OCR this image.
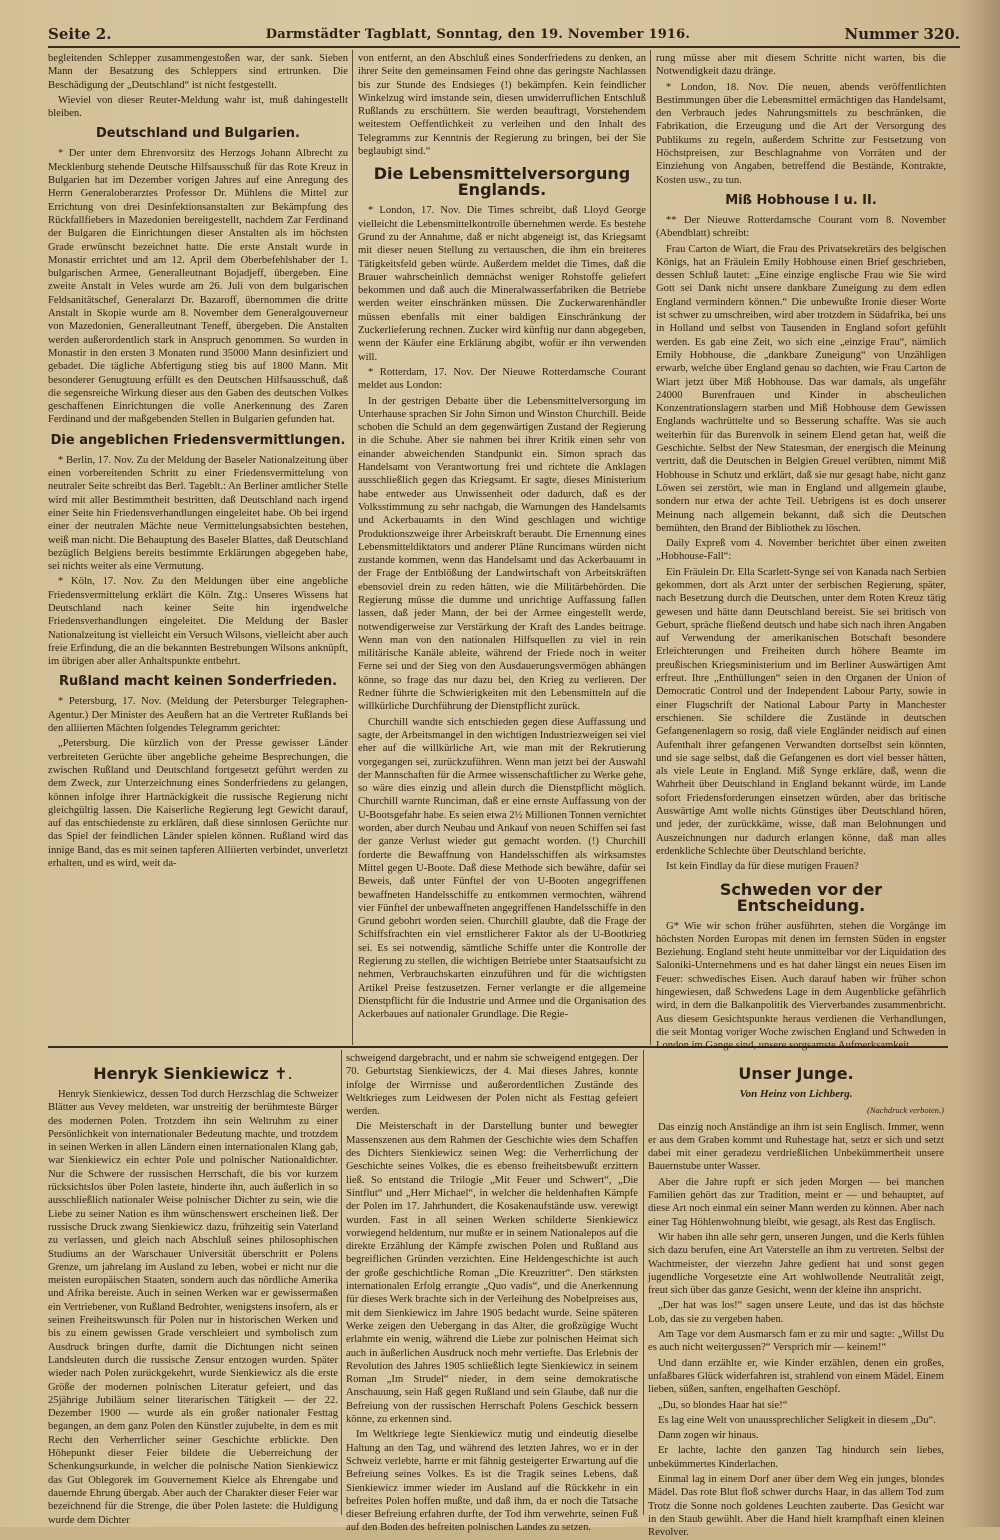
Seite 2.	Darmstädter Tagblatt, Sonntag, den 19. November 1916.	Nummer 320.

begleitenden Schlepper zusammengestoßen war, der sank. Sieben Mann der Besatzung des Schleppers sind ertrunken. Die Beschädigung der „Deutschland“ ist nicht festgestellt.

Wieviel von dieser Reuter-Meldung wahr ist, muß dahingestellt bleiben.

Deutschland und Bulgarien.

* Der unter dem Ehrenvorsitz des Herzogs Johann Albrecht zu Mecklenburg stehende Deutsche Hilfsausschuß für das Rote Kreuz in Bulgarien hat im Dezember vorigen Jahres auf eine Anregung des Herrn Generaloberarztes Professor Dr. Mühlens die Mittel zur Errichtung von drei Desinfektionsanstalten zur Bekämpfung des Rückfallfiebers in Mazedonien bereitgestellt, nachdem Zar Ferdinand der Bulgaren die Einrichtungen dieser Anstalten als im höchsten Grade erwünscht bezeichnet hatte. Die erste Anstalt wurde in Monastir errichtet und am 12. April dem Oberbefehlshaber der 1. bulgarischen Armee, Generalleutnant Bojadjeff, übergeben. Eine zweite Anstalt in Veles wurde am 26. Juli von dem bulgarischen Feldsanitätschef, Generalarzt Dr. Bazaroff, übernommen die dritte Anstalt in Skopie wurde am 8. November dem Generalgouverneur von Mazedonien, Generalleutnant Teneff, übergeben. Die Anstalten werden außerordentlich stark in Anspruch genommen. So wurden in Monastir in den ersten 3 Monaten rund 35000 Mann desinfiziert und gebadet. Die tägliche Abfertigung stieg bis auf 1800 Mann. Mit besonderer Genugtuung erfüllt es den Deutschen Hilfsausschuß, daß die segensreiche Wirkung dieser aus den Gaben des deutschen Volkes geschaffenen Einrichtungen die volle Anerkennung des Zaren Ferdinand und der maßgebenden Stellen in Bulgarien gefunden hat.

Die angeblichen Friedensvermittlungen.

* Berlin, 17. Nov. Zu der Meldung der Baseler Nationalzeitung über einen vorbereitenden Schritt zu einer Friedensvermittelung von neutraler Seite schreibt das Berl. Tageblt.: An Berliner amtlicher Stelle wird mit aller Bestimmtheit bestritten, daß Deutschland nach irgend einer Seite hin Friedensverhandlungen eingeleitet habe. Ob bei irgend einer der neutralen Mächte neue Vermittelungsabsichten bestehen, weiß man nicht. Die Behauptung des Baseler Blattes, daß Deutschland bezüglich Belgiens bereits bestimmte Erklärungen abgegeben habe, sei nichts weiter als eine Vermutung.

* Köln, 17. Nov. Zu den Meldungen über eine angebliche Friedensvermittelung erklärt die Köln. Ztg.: Unseres Wissens hat Deutschland nach keiner Seite hin irgendwelche Friedensverhandlungen eingeleitet. Die Meldung der Basler Nationalzeitung ist vielleicht ein Versuch Wilsons, vielleicht aber auch freie Erfindung, die an die bekannten Bestrebungen Wilsons anknüpft, im übrigen aber aller Anhaltspunkte entbehrt.

Rußland macht keinen Sonderfrieden.

* Petersburg, 17. Nov. (Meldung der Petersburger Telegraphen-Agentur.) Der Minister des Aeußern hat an die Vertreter Rußlands bei den alliierten Mächten folgendes Telegramm gerichtet:

„Petersburg. Die kürzlich von der Presse gewisser Länder verbreiteten Gerüchte über angebliche geheime Besprechungen, die zwischen Rußland und Deutschland fortgesetzt geführt werden zu dem Zweck, zur Unterzeichnung eines Sonderfriedens zu gelangen, können infolge ihrer Hartnäckigkeit die russische Regierung nicht gleichgültig lassen. Die Kaiserliche Regierung legt Gewicht darauf, auf das entschiedenste zu erklären, daß diese sinnlosen Gerüchte nur das Spiel der feindlichen Länder spielen können. Rußland wird das innige Band, das es mit seinen tapferen Alliierten verbindet, unverletzt erhalten, und es wird, weit da-

von entfernt, an den Abschluß eines Sonderfriedens zu denken, an ihrer Seite den gemeinsamen Feind ohne das geringste Nachlassen bis zur Stunde des Endsieges (!) bekämpfen. Kein feindlicher Winkelzug wird imstande sein, diesen unwiderruflichen Entschluß Rußlands zu erschüttern. Sie werden beauftragt, Vorstehendem weitestem Oeffentlichkeit zu verleihen und den Inhalt des Telegramms zur Kenntnis der Regierung zu bringen, bei der Sie beglaubigt sind.“

Die Lebensmittelversorgung Englands.

* London, 17. Nov. Die Times schreibt, daß Lloyd George vielleicht die Lebensmittelkontrolle übernehmen werde. Es bestehe Grund zu der Annahme, daß er nicht abgeneigt ist, das Kriegsamt mit dieser neuen Stellung zu vertauschen, die ihm ein breiteres Tätigkeitsfeld geben würde. Außerdem meldet die Times, daß die Brauer wahrscheinlich demnächst weniger Rohstoffe geliefert bekommen und daß auch die Mineralwasserfabriken die Betriebe werden weiter einschränken müssen. Die Zuckerwarenhändler müssen ebenfalls mit einer baldigen Einschränkung der Zuckerlieferung rechnen. Zucker wird künftig nur dann abgegeben, wenn der Käufer eine Erklärung abgibt, wofür er ihn verwenden will.

* Rotterdam, 17. Nov. Der Nieuwe Rotterdamsche Courant meldet aus London:

In der gestrigen Debatte über die Lebensmittelversorgung im Unterhause sprachen Sir John Simon und Winston Churchill. Beide schoben die Schuld an dem gegenwärtigen Zustand der Regierung in die Schuhe. Aber sie nahmen bei ihrer Kritik einen sehr von einander abweichenden Standpunkt ein. Simon sprach das Handelsamt von Verantwortung frei und richtete die Anklagen ausschließlich gegen das Kriegsamt. Er sagte, dieses Ministerium habe entweder aus Unwissenheit oder dadurch, daß es der Volksstimmung zu sehr nachgab, die Warnungen des Handelsamts und Ackerbauamts in den Wind geschlagen und wichtige Produktionszweige ihrer Arbeitskraft beraubt. Die Ernennung eines Lebensmitteldiktators und anderer Pläne Runcimans würden nicht zustande kommen, wenn das Handelsamt und das Ackerbauamt in der Frage der Entblößung der Landwirtschaft von Arbeitskräften ebensoviel drein zu reden hätten, wie die Militärbehörden. Die Regierung müsse die dumme und unrichtige Auffassung fallen lassen, daß jeder Mann, der bei der Armee eingestellt werde, notwendigerweise zur Verstärkung der Kraft des Landes beitrage. Wenn man von den nationalen Hilfsquellen zu viel in rein militärische Kanäle ableite, während der Friede noch in weiter Ferne sei und der Sieg von den Ausdauerungsvermögen abhängen könne, so frage das nur dazu bei, den Krieg zu verlieren. Der Redner führte die Schwierigkeiten mit den Lebensmitteln auf die willkürliche Durchführung der Dienstpflicht zurück.

Churchill wandte sich entschieden gegen diese Auffassung und sagte, der Arbeitsmangel in den wichtigen Industriezweigen sei viel eher auf die willkürliche Art, wie man mit der Rekrutierung vorgegangen sei, zurückzuführen. Wenn man jetzt bei der Auswahl der Mannschaften für die Armee wissenschaftlicher zu Werke gehe, so wäre dies einzig und allein durch die Dienstpflicht möglich. Churchill warnte Runciman, daß er eine ernste Auffassung von der U-Bootsgefahr habe. Es seien etwa 2½ Millionen Tonnen vernichtet worden, aber durch Neubau und Ankauf von neuen Schiffen sei fast der ganze Verlust wieder gut gemacht worden. (!) Churchill forderte die Bewaffnung von Handelsschiffen als wirksamstes Mittel gegen U-Boote. Daß diese Methode sich bewähre, dafür sei Beweis, daß unter Fünftel der von U-Booten angegriffenen bewaffneten Handelsschiffe zu entkommen vermochten, während vier Fünftel der unbewaffneten angegriffenen Handelsschiffe in den Grund gebohrt worden seien. Churchill glaubte, daß die Frage der Schiffsfrachten ein viel ernstlicherer Faktor als der U-Bootkrieg sei. Es sei notwendig, sämtliche Schiffe unter die Kontrolle der Regierung zu stellen, die wichtigen Betriebe unter Staatsaufsicht zu nehmen, Verbrauchskarten einzuführen und für die wichtigsten Artikel Preise festzusetzen. Ferner verlangte er die allgemeine Dienstpflicht für die Industrie und Armee und die Organisation des Ackerbaues auf nationaler Grundlage. Die Regie-

rung müsse aber mit diesem Schritte nicht warten, bis die Notwendigkeit dazu dränge.

* London, 18. Nov. Die neuen, abends veröffentlichten Bestimmungen über die Lebensmittel ermächtigen das Handelsamt, den Verbrauch jedes Nahrungsmittels zu beschränken, die Fabrikation, die Erzeugung und die Art der Versorgung des Publikums zu regeln, außerdem Schritte zur Festsetzung von Höchstpreisen, zur Beschlagnahme von Vorräten und der Einziehung von Angaben, betreffend die Bestände, Kontrakte, Kosten usw., zu tun.

Miß Hobhouse I u. II.

** Der Nieuwe Rotterdamsche Courant vom 8. November (Abendblatt) schreibt:

Frau Carton de Wiart, die Frau des Privatsekretärs des belgischen Königs, hat an Fräulein Emily Hobhouse einen Brief geschrieben, dessen Schluß lautet: „Eine einzige englische Frau wie Sie wird Gott sei Dank nicht unsere dankbare Zuneigung zu dem edlen England vermindern können.“ Die unbewußte Ironie dieser Worte ist schwer zu umschreiben, wird aber trotzdem in Südafrika, bei uns in Holland und selbst von Tausenden in England sofort gefühlt werden. Es gab eine Zeit, wo sich eine „einzige Frau“, nämlich Emily Hobhouse, die „dankbare Zuneigung“ von Unzähligen erwarb, welche über England genau so dachten, wie Frau Carton de Wiart jetzt über Miß Hobhouse. Das war damals, als ungefähr 24000 Burenfrauen und Kinder in abscheulichen Konzentrationslagern starben und Miß Hobhouse dem Gewissen Englands wachrüttelte und so Besserung schaffte. Was sie auch weiterhin für das Burenvolk in seinem Elend getan hat, weiß die Geschichte. Selbst der New Statesman, der energisch die Meinung vertritt, daß die Deutschen in Belgien Greuel verübten, nimmt Miß Hobhouse in Schutz und erklärt, daß sie nur gesagt habe, nicht ganz Löwen sei zerstört, wie man in England und allgemein glaube, sondern nur etwa der achte Teil. Uebrigens ist es doch unserer Meinung nach allgemein bekannt, daß sich die Deutschen bemühten, den Brand der Bibliothek zu löschen.

Daily Expreß vom 4. November berichtet über einen zweiten „Hobhouse-Fall“:

Ein Fräulein Dr. Ella Scarlett-Synge sei von Kanada nach Serbien gekommen, dort als Arzt unter der serbischen Regierung, später, nach Besetzung durch die Deutschen, unter dem Roten Kreuz tätig gewesen und hätte dann Deutschland bereist. Sie sei britisch von Geburt, spräche fließend deutsch und habe sich nach ihren Angaben auf Verwendung der amerikanischen Botschaft besondere Erleichterungen und Freiheiten durch höhere Beamte im preußischen Kriegsministerium und im Berliner Auswärtigen Amt erfreut. Ihre „Enthüllungen“ seien in den Organen der Union of Democratic Control und der Independent Labour Party, sowie in einer Flugschrift der National Labour Party in Manchester erschienen. Sie schildere die Zustände in deutschen Gefangenenlagern so rosig, daß viele Engländer neidisch auf einen Aufenthalt ihrer gefangenen Verwandten dortselbst sein könnten, und sie sage selbst, daß die Gefangenen es dort viel besser hätten, als viele Leute in England. Miß Synge erkläre, daß, wenn die Wahrheit über Deutschland in England bekannt würde, im Lande sofort Friedensforderungen einsetzen würden, aber das britische Auswärtige Amt wolle nichts Günstiges über Deutschland hören, und jeder, der zurückkäme, wisse, daß man Belohnungen und Auszeichnungen nur dadurch erlangen könne, daß man alles erdenkliche Schlechte über Deutschland berichte.

Ist kein Findlay da für diese mutigen Frauen?

Schweden vor der Entscheidung.

G* Wie wir schon früher ausführten, stehen die Vorgänge im höchsten Norden Europas mit denen im fernsten Süden in engster Beziehung. England steht heute unmittelbar vor der Liquidation des Saloniki-Unternehmens und es hat daher längst ein neues Eisen im Feuer: schwedisches Eisen. Auch darauf haben wir früher schon hingewiesen, daß Schwedens Lage in dem Augenblicke gefährlich wird, in dem die Balkanpolitik des Vierverbandes zusammenbricht. Aus diesem Gesichtspunkte heraus verdienen die Verhandlungen, die seit Montag voriger Woche zwischen England und Schweden in London im Gange sind, unsere sorgsamste Aufmerksamkeit.

Henryk Sienkiewicz ✝.

Henryk Sienkiewicz, dessen Tod durch Herzschlag die Schweizer Blätter aus Vevey meldeten, war unstreitig der berühmteste Bürger des modernen Polen. Trotzdem ihn sein Weltruhm zu einer Persönlichkeit von internationaler Bedeutung machte, und trotzdem in seinen Werken in allen Ländern einen internationalen Klang gab, war Sienkiewicz ein echter Pole und polnischer Nationaldichter. Nur die Schwere der russischen Herrschaft, die bis vor kurzem rücksichtslos über Polen lastete, hinderte ihn, auch äußerlich in so ausschließlich nationaler Weise polnischer Dichter zu sein, wie die Liebe zu seiner Nation es ihm wünschenswert erscheinen ließ. Der russische Druck zwang Sienkiewicz dazu, frühzeitig sein Vaterland zu verlassen, und gleich nach Abschluß seines philosophischen Studiums an der Warschauer Universität überschritt er Polens Grenze, um jahrelang im Ausland zu leben, wobei er nicht nur die meisten europäischen Staaten, sondern auch das nördliche Amerika und Afrika bereiste. Auch in seinen Werken war er gewissermaßen ein Vertriebener, von Rußland Bedrohter, wenigstens insofern, als er seinen Freiheitswunsch für Polen nur in historischen Werken und bis zu einem gewissen Grade verschleiert und symbolisch zum Ausdruck bringen durfte, damit die Dichtungen nicht seinen Landsleuten durch die russische Zensur entzogen wurden. Später wieder nach Polen zurückgekehrt, wurde Sienkiewicz als die erste Größe der modernen polnischen Literatur gefeiert, und das 25jährige Jubiläum seiner literarischen Tätigkeit — der 22. Dezember 1900 — wurde als ein großer nationaler Festtag begangen, an dem ganz Polen den Künstler zujubelte, in dem es mit Recht den Verherrlicher seiner Geschichte erblickte. Den Höhepunkt dieser Feier bildete die Ueberreichung der Schenkungsurkunde, in welcher die polnische Nation Sienkiewicz das Gut Oblegorek im Gouvernement Kielce als Ehrengabe und dauernde Ehrung übergab. Aber auch der Charakter dieser Feier war bezeichnend für die Strenge, die über Polen lastete: die Huldigung wurde dem Dichter

schweigend dargebracht, und er nahm sie schweigend entgegen. Der 70. Geburtstag Sienkiewiczs, der 4. Mai dieses Jahres, konnte infolge der Wirrnisse und außerordentlichen Zustände des Weltkrieges zum Leidwesen der Polen nicht als Festtag gefeiert werden.

Die Meisterschaft in der Darstellung bunter und bewegter Massenszenen aus dem Rahmen der Geschichte wies dem Schaffen des Dichters Sienkiewicz seinen Weg: die Verherrlichung der Geschichte seines Volkes, die es ebenso freiheitsbewußt erzittern ließ. So entstand die Trilogie „Mit Feuer und Schwert“, „Die Sintflut“ und „Herr Michael“, in welcher die heldenhaften Kämpfe der Polen im 17. Jahrhundert, die Kosakenaufstände usw. verewigt wurden. Fast in all seinen Werken schilderte Sienkiewicz vorwiegend heldentum, nur mußte er in seinem Nationalepos auf die direkte Erzählung der Kämpfe zwischen Polen und Rußland aus begreiflichen Gründen verzichten. Eine Heldengeschichte ist auch der große geschichtliche Roman „Die Kreuzritter“. Den stärksten internationalen Erfolg errangte „Quo vadis“, und die Anerkennung für dieses Werk brachte sich in der Verleihung des Nobelpreises aus, mit dem Sienkiewicz im Jahre 1905 bedacht wurde. Seine späteren Werke zeigen den Uebergang in das Alter, die großzügige Wucht erlahmte ein wenig, während die Liebe zur polnischen Heimat sich auch in äußerlichen Ausdruck noch mehr vertiefte. Das Erlebnis der Revolution des Jahres 1905 schließlich legte Sienkiewicz in seinem Roman „Im Strudel“ nieder, in dem seine demokratische Anschauung, sein Haß gegen Rußland und sein Glaube, daß nur die Befreiung von der russischen Herrschaft Polens Geschick bessern könne, zu erkennen sind.

Im Weltkriege legte Sienkiewicz mutig und eindeutig dieselbe Haltung an den Tag, und während des letzten Jahres, wo er in der Schweiz verlebte, harrte er mit fähnig gesteigerter Erwartung auf die Befreiung seines Volkes. Es ist die Tragik seines Lebens, daß Sienkiewicz immer wieder im Ausland auf die Rückkehr in ein befreites Polen hoffen mußte, und daß ihm, da er noch die Tatsache dieser Befreiung erfahren durfte, der Tod ihm verwehrte, seinen Fuß auf den Boden des befreiten polnischen Landes zu setzen.

Unser Junge.
Von Heinz von Lichberg.
(Nachdruck verboten.)

Das einzig noch Anständige an ihm ist sein Englisch. Immer, wenn er aus dem Graben kommt und Ruhestage hat, setzt er sich und setzt dabei mit einer geradezu verdrießlichen Unbekümmertheit unsere Bauernstube unter Wasser.

Aber die Jahre rupft er sich jeden Morgen — bei manchen Familien gehört das zur Tradition, meint er — und behauptet, auf diese Art noch einmal ein seiner Mann werden zu können. Aber nach einer Tag Höhlenwohnung bleibt, wie gesagt, als Rest das Englisch.

Wir haben ihn alle sehr gern, unseren Jungen, und die Kerls fühlen sich dazu berufen, eine Art Vaterstelle an ihm zu vertreten. Selbst der Wachtmeister, der vierzehn Jahre gedient hat und sonst gegen jugendliche Vorgesetzte eine Art wohlwollende Neutralität zeigt, freut sich über das ganze Gesicht, wenn der kleine ihn anspricht.

„Der hat was los!“ sagen unsere Leute, und das ist das höchste Lob, das sie zu vergeben haben.

Am Tage vor dem Ausmarsch fam er zu mir und sagte: „Willst Du es auch nicht weitergussen?“ Versprich mir — keinem!“

Und dann erzählte er, wie Kinder erzählen, denen ein großes, unfaßbares Glück widerfahren ist, strahlend von einem Mädel. Einem lieben, süßen, sanften, engelhaften Geschöpf.

„Du, so blondes Haar hat sie!“

Es lag eine Welt von unaussprechlicher Seligkeit in diesem „Du“.

Dann zogen wir hinaus.

Er lachte, lachte den ganzen Tag hindurch sein liebes, unbekümmertes Kinderlachen.

Einmal lag in einem Dorf aner über dem Weg ein junges, blondes Mädel. Das rote Blut floß schwer durchs Haar, in das allem Tod zum Trotz die Sonne noch goldenes Leuchten zauberte. Das Gesicht war in den Staub gewühlt. Aber die Hand hielt krampfhaft einen kleinen Revolver.
